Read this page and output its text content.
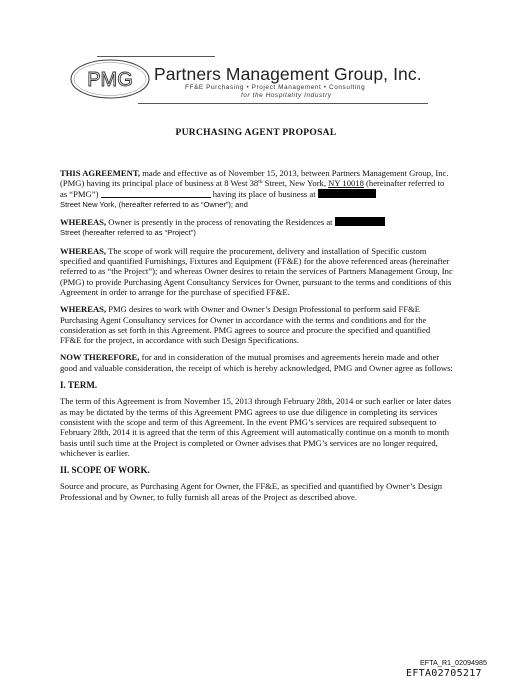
PMG Partners Management Group, Inc.
FF&E Purchasing • Project Management • Consulting
for the Hospitality Industry
PURCHASING AGENT PROPOSAL

THIS AGREEMENT, made and effective as of November 15, 2013, between Partners Management Group, Inc. (PMG) having its principal place of business at 8 West 38th Street, New York, NY 10018 (hereinafter referred to as “PMG”)	having its place of business at
Street New York, (hereafter referred to as “Owner”); and

WHEREAS, Owner is presently in the process of renovating the Residences at
Street (hereafter referred to as “Project”)

WHEREAS, The scope of work will require the procurement, delivery and installation of Specific custom specified and quantified Furnishings, Fixtures and Equipment (FF&E) for the above referenced areas (hereinafter referred to as “the Project”); and whereas Owner desires to retain the services of Partners Management Group, Inc (PMG) to provide Purchasing Agent Consultancy Services for Owner, pursuant to the terms and conditions of this Agreement in order to arrange for the purchase of specified FF&E.

WHEREAS, PMG desires to work with Owner and Owner’s Design Professional to perform said FF&E Purchasing Agent Consultancy services for Owner in accordance with the terms and conditions and for the consideration as set forth in this Agreement. PMG agrees to source and procure the specified and quantified FF&E for the project, in accordance with such Design Specifications.

NOW THEREFORE, for and in consideration of the mutual promises and agreements herein made and other good and valuable consideration, the receipt of which is hereby acknowledged, PMG and Owner agree as follows:

I. TERM.

The term of this Agreement is from November 15, 2013 through February 28th, 2014 or such earlier or later dates as may be dictated by the terms of this Agreement PMG agrees to use due diligence in completing its services consistent with the scope and term of this Agreement. In the event PMG’s services are required subsequent to February 28th, 2014 it is agreed that the term of this Agreement will automatically continue on a month to month basis until such time at the Project is completed or Owner advises that PMG’s services are no longer required, whichever is earlier.

II. SCOPE OF WORK.

Source and procure, as Purchasing Agent for Owner, the FF&E, as specified and quantified by Owner’s Design Professional and by Owner, to fully furnish all areas of the Project as described above.

EFTA_R1_02094985
EFTA02705217
